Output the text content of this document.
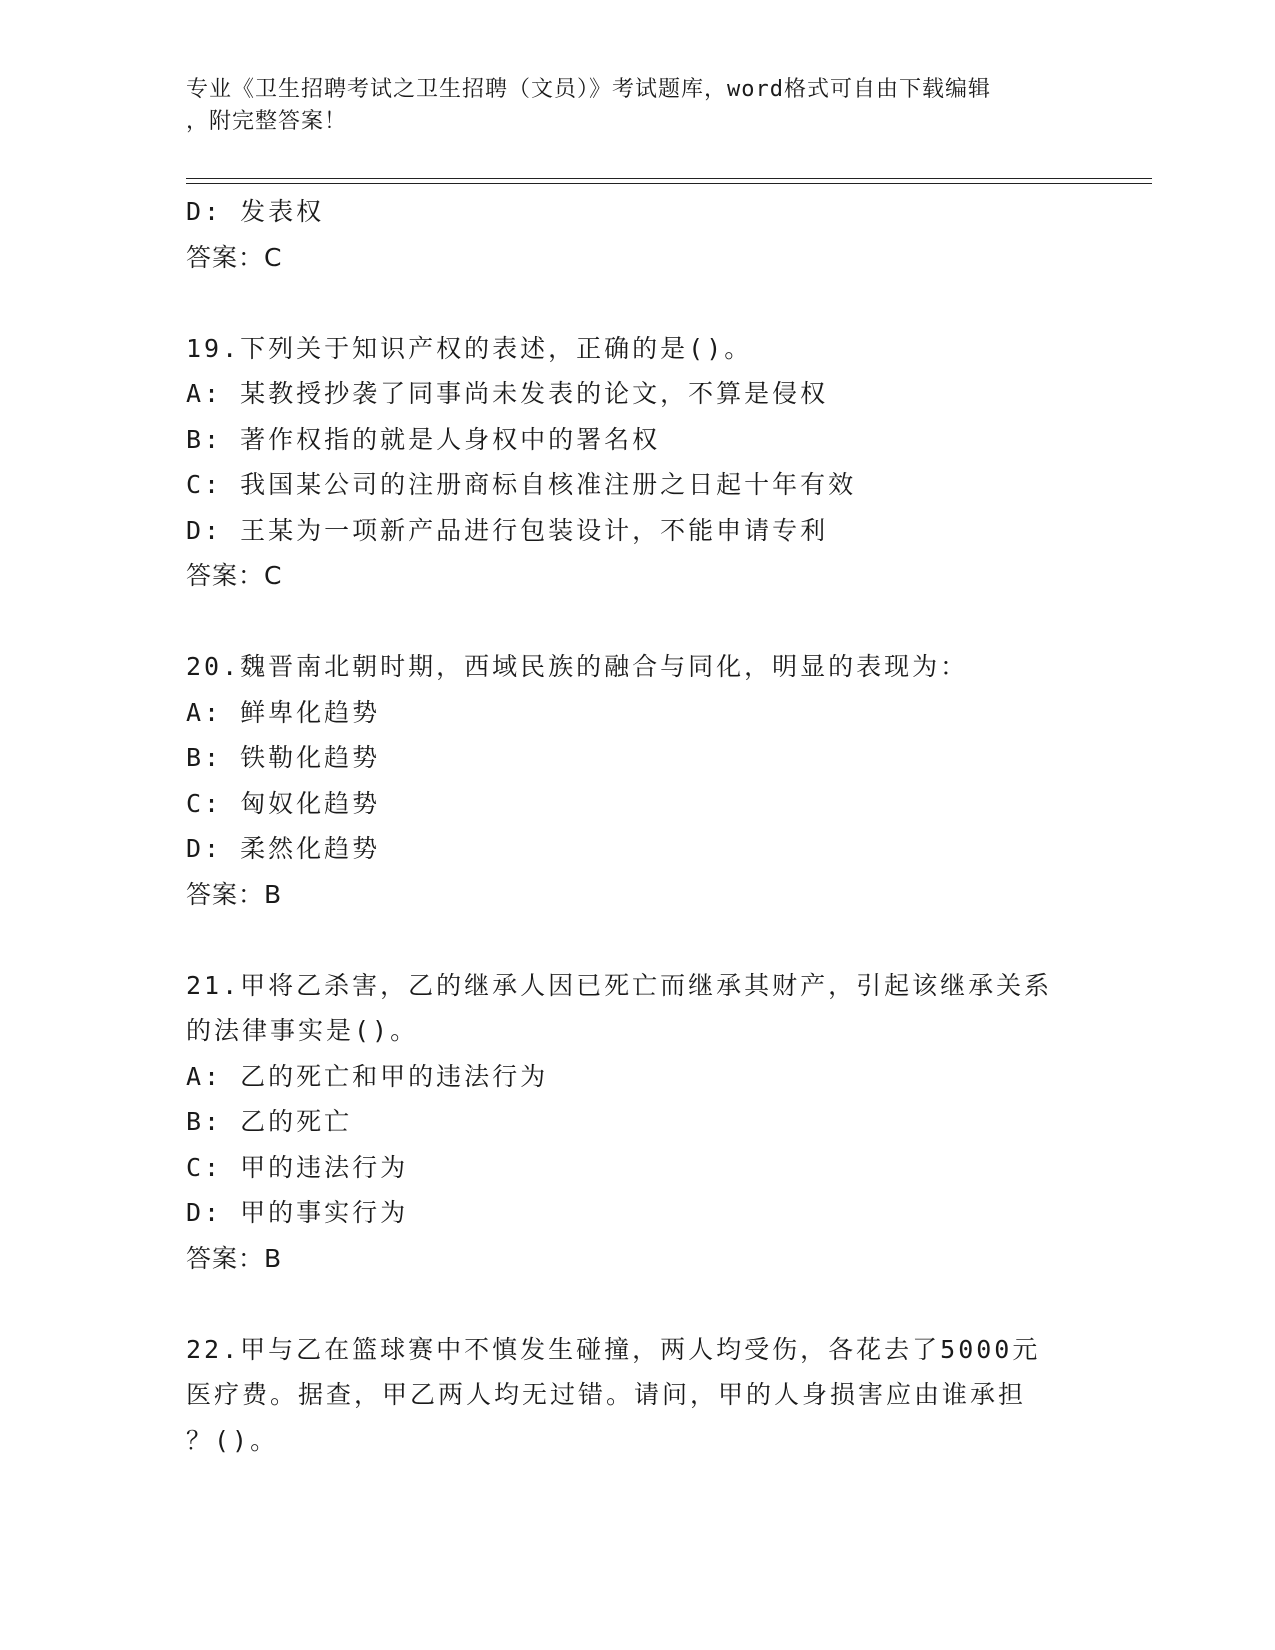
专业《卫生招聘考试之卫生招聘（文员）》考试题库，word格式可自由下载编辑
，附完整答案！
D: 发表权
答案：C
19.下列关于知识产权的表述，正确的是()。
A: 某教授抄袭了同事尚未发表的论文，不算是侵权
B: 著作权指的就是人身权中的署名权
C: 我国某公司的注册商标自核准注册之日起十年有效
D: 王某为一项新产品进行包装设计，不能申请专利
答案：C
20.魏晋南北朝时期，西域民族的融合与同化，明显的表现为：
A: 鲜卑化趋势
B: 铁勒化趋势
C: 匈奴化趋势
D: 柔然化趋势
答案：B
21.甲将乙杀害，乙的继承人因已死亡而继承其财产，引起该继承关系
的法律事实是()。
A: 乙的死亡和甲的违法行为
B: 乙的死亡
C: 甲的违法行为
D: 甲的事实行为
答案：B
22.甲与乙在篮球赛中不慎发生碰撞，两人均受伤，各花去了5000元
医疗费。据查，甲乙两人均无过错。请问，甲的人身损害应由谁承担
？()。
